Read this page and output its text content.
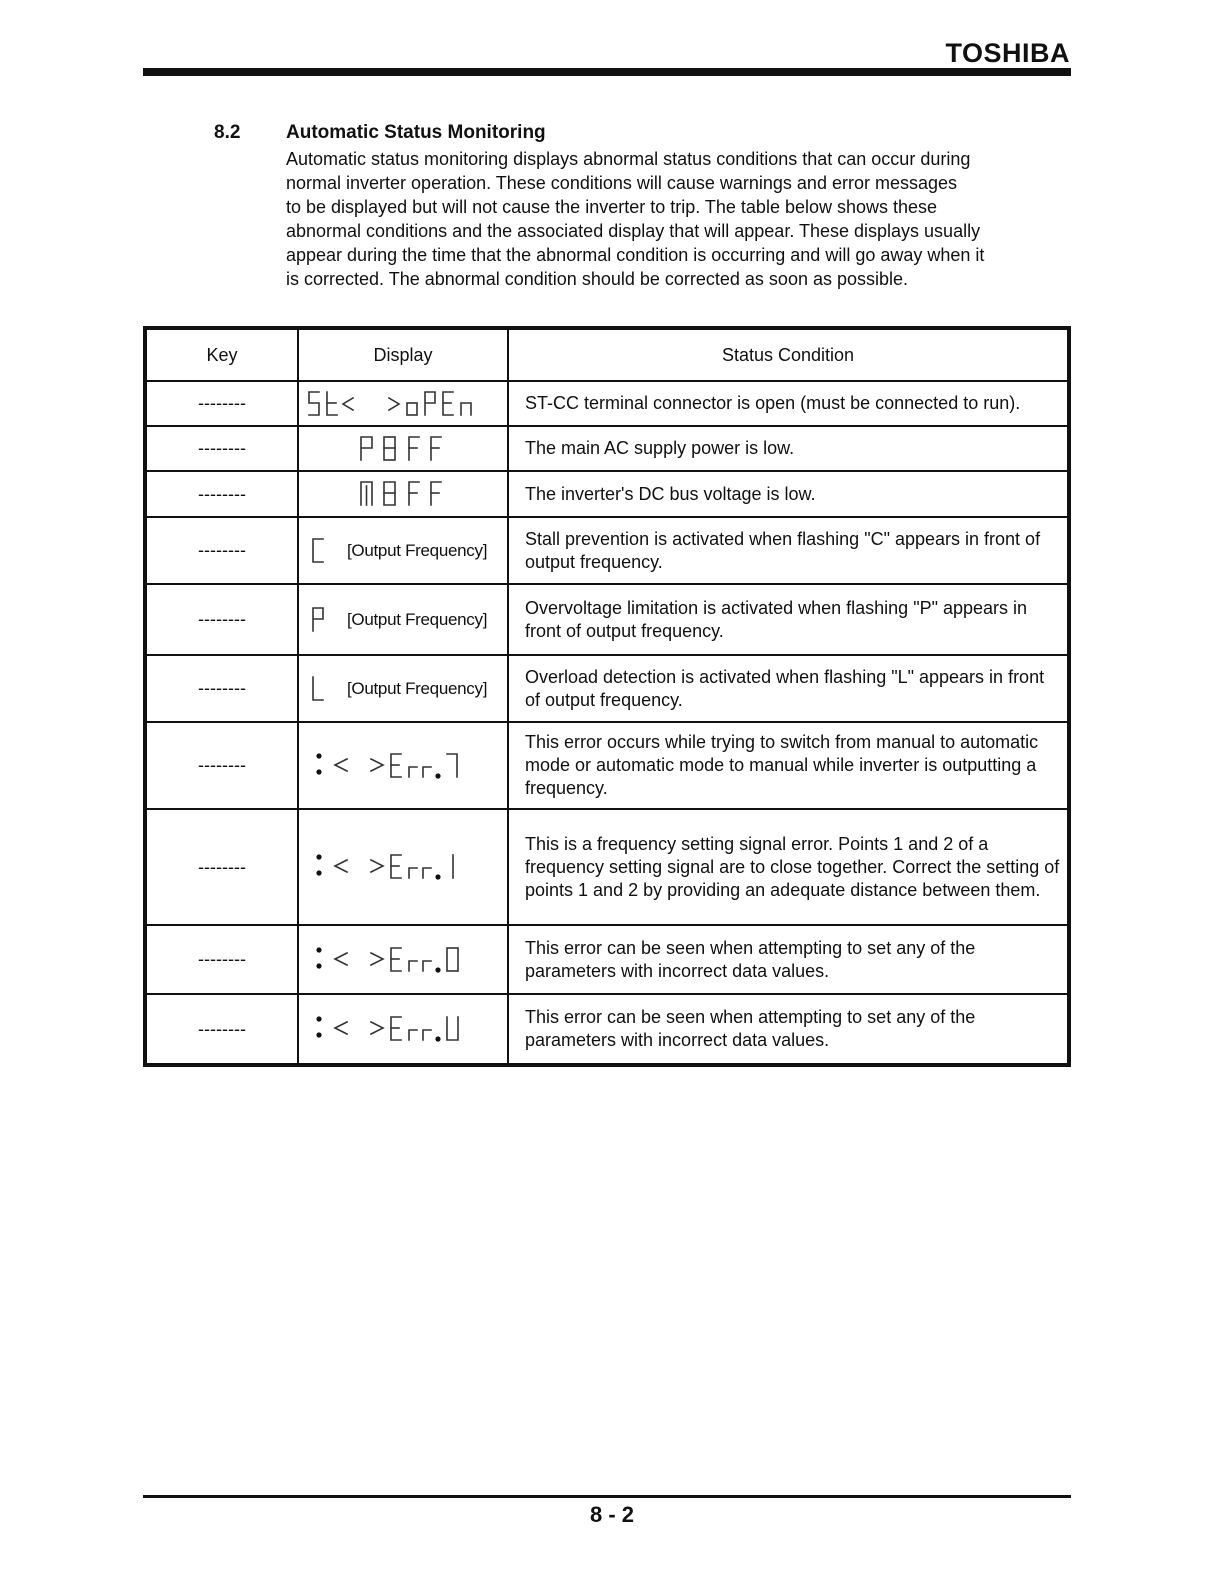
TOSHIBA
8.2 Automatic Status Monitoring
Automatic status monitoring displays abnormal status conditions that can occur during
normal inverter operation. These conditions will cause warnings and error messages
to be displayed but will not cause the inverter to trip. The table below shows these
abnormal conditions and the associated display that will appear. These displays usually
appear during the time that the abnormal condition is occurring and will go away when it
is corrected. The abnormal condition should be corrected as soon as possible.
Key	Display	Status Condition
--------		ST-CC terminal connector is open (must be connected to run).
--------		The main AC supply power is low.
--------		The inverter's DC bus voltage is low.
--------	[Output Frequency]	Stall prevention is activated when flashing "C" appears in front of output frequency.
--------	[Output Frequency]	Overvoltage limitation is activated when flashing "P" appears in front of output frequency.
--------	[Output Frequency]	Overload detection is activated when flashing "L" appears in front of output frequency.
--------		This error occurs while trying to switch from manual to automatic mode or automatic mode to manual while inverter is outputting a frequency.
--------		This is a frequency setting signal error. Points 1 and 2 of a frequency setting signal are to close together. Correct the setting of points 1 and 2 by providing an adequate distance between them.
--------		This error can be seen when attempting to set any of the parameters with incorrect data values.
--------		This error can be seen when attempting to set any of the parameters with incorrect data values.
8 - 2
